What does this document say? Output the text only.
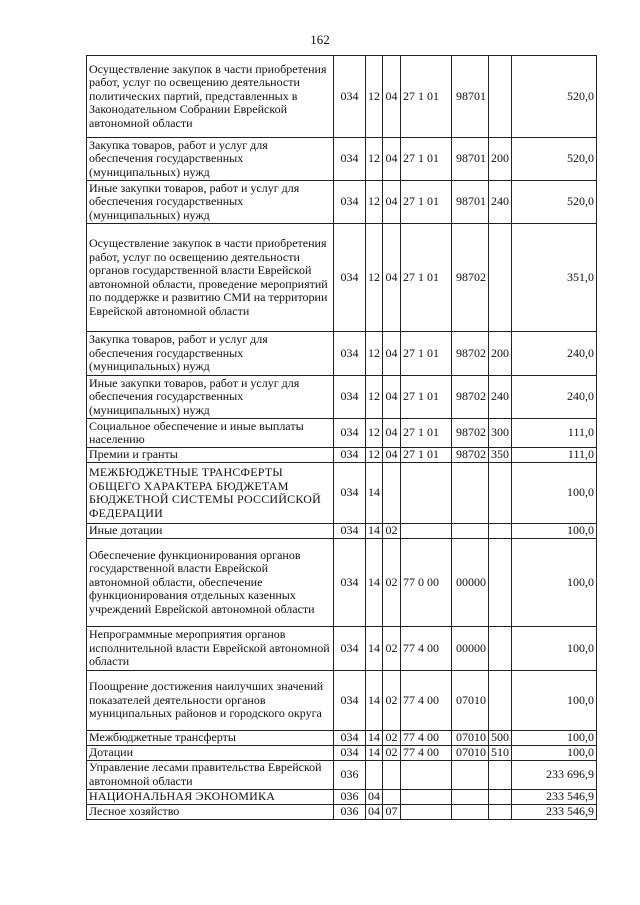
162
Осуществление закупок в части приобретения работ, услуг по освещению деятельности политических партий, представленных в Законодательном Собрании Еврейской автономной области	034	12	04	27 1 01	98701		520,0
Закупка товаров, работ и услуг для обеспечения государственных (муниципальных) нужд	034	12	04	27 1 01	98701	200	520,0
Иные закупки товаров, работ и услуг для обеспечения государственных (муниципальных) нужд	034	12	04	27 1 01	98701	240	520,0
Осуществление закупок в части приобретения работ, услуг по освещению деятельности органов государственной власти Еврейской автономной области, проведение мероприятий по поддержке и развитию СМИ на территории Еврейской автономной области	034	12	04	27 1 01	98702		351,0
Закупка товаров, работ и услуг для обеспечения государственных (муниципальных) нужд	034	12	04	27 1 01	98702	200	240,0
Иные закупки товаров, работ и услуг для обеспечения государственных (муниципальных) нужд	034	12	04	27 1 01	98702	240	240,0
Социальное обеспечение и иные выплаты населению	034	12	04	27 1 01	98702	300	111,0
Премии и гранты	034	12	04	27 1 01	98702	350	111,0
МЕЖБЮДЖЕТНЫЕ ТРАНСФЕРТЫ ОБЩЕГО ХАРАКТЕРА БЮДЖЕТАМ БЮДЖЕТНОЙ СИСТЕМЫ РОССИЙСКОЙ ФЕДЕРАЦИИ	034	14					100,0
Иные дотации	034	14	02				100,0
Обеспечение функционирования органов государственной власти Еврейской автономной области, обеспечение функционирования отдельных казенных учреждений Еврейской автономной области	034	14	02	77 0 00	00000		100,0
Непрограммные мероприятия органов исполнительной власти Еврейской автономной области	034	14	02	77 4 00	00000		100,0
Поощрение достижения наилучших значений показателей деятельности органов муниципальных районов и городского округа	034	14	02	77 4 00	07010		100,0
Межбюджетные трансферты	034	14	02	77 4 00	07010	500	100,0
Дотации	034	14	02	77 4 00	07010	510	100,0
Управление лесами правительства Еврейской автономной области	036						233 696,9
НАЦИОНАЛЬНАЯ ЭКОНОМИКА	036	04					233 546,9
Лесное хозяйство	036	04	07				233 546,9
